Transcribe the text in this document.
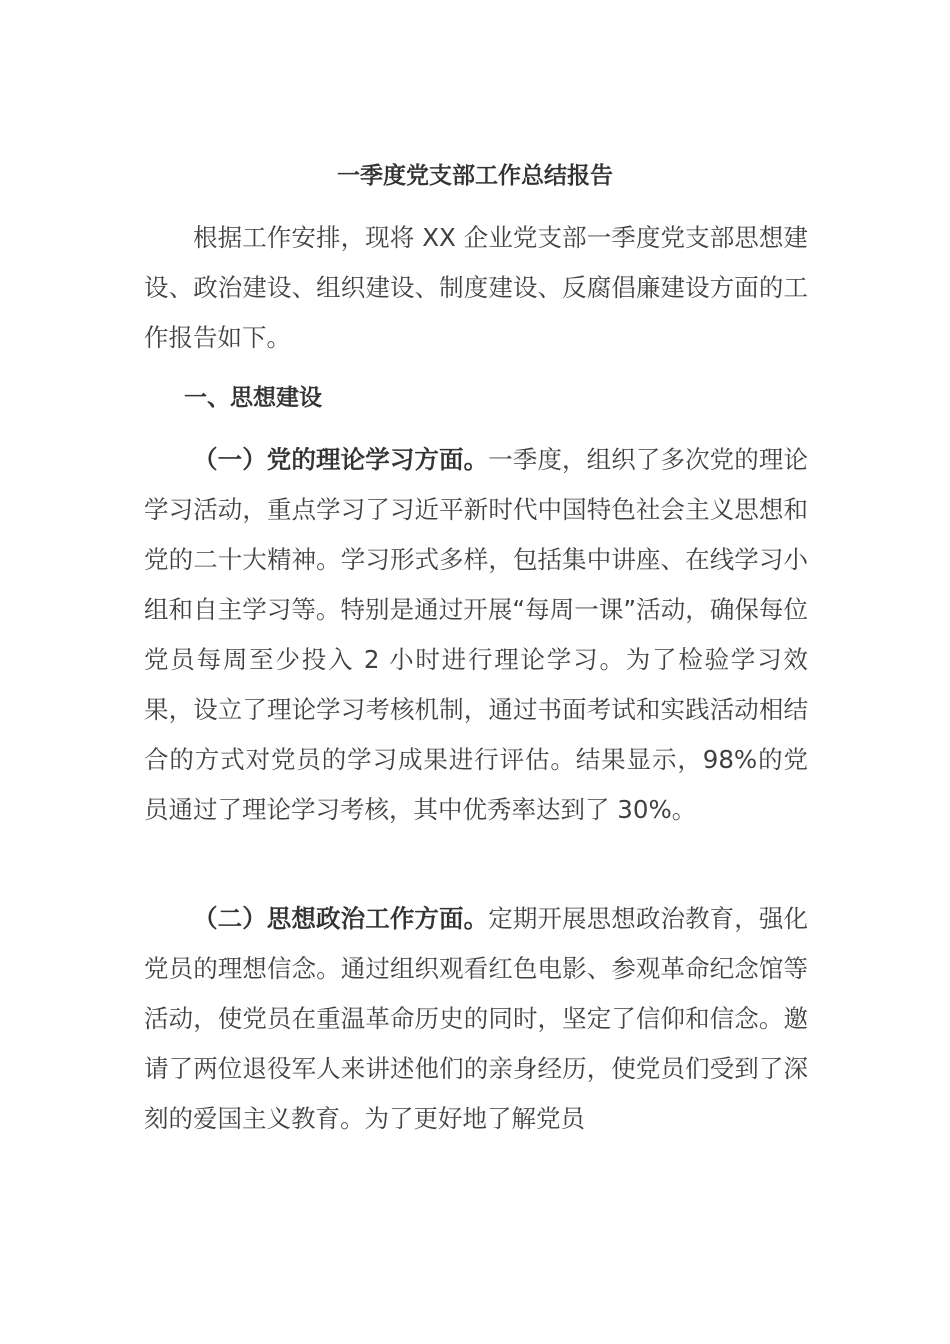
一季度党支部工作总结报告
根据工作安排，现将 XX 企业党支部一季度党支部思想建设、政治建设、组织建设、制度建设、反腐倡廉建设方面的工作报告如下。
一、思想建设
（一）党的理论学习方面。一季度，组织了多次党的理论学习活动，重点学习了习近平新时代中国特色社会主义思想和党的二十大精神。学习形式多样，包括集中讲座、在线学习小组和自主学习等。特别是通过开展“每周一课”活动，确保每位党员每周至少投入 2 小时进行理论学习。为了检验学习效果，设立了理论学习考核机制，通过书面考试和实践活动相结合的方式对党员的学习成果进行评估。结果显示，98%的党员通过了理论学习考核，其中优秀率达到了 30%。
（二）思想政治工作方面。定期开展思想政治教育，强化党员的理想信念。通过组织观看红色电影、参观革命纪念馆等活动，使党员在重温革命历史的同时，坚定了信仰和信念。邀请了两位退役军人来讲述他们的亲身经历，使党员们受到了深刻的爱国主义教育。为了更好地了解党员
